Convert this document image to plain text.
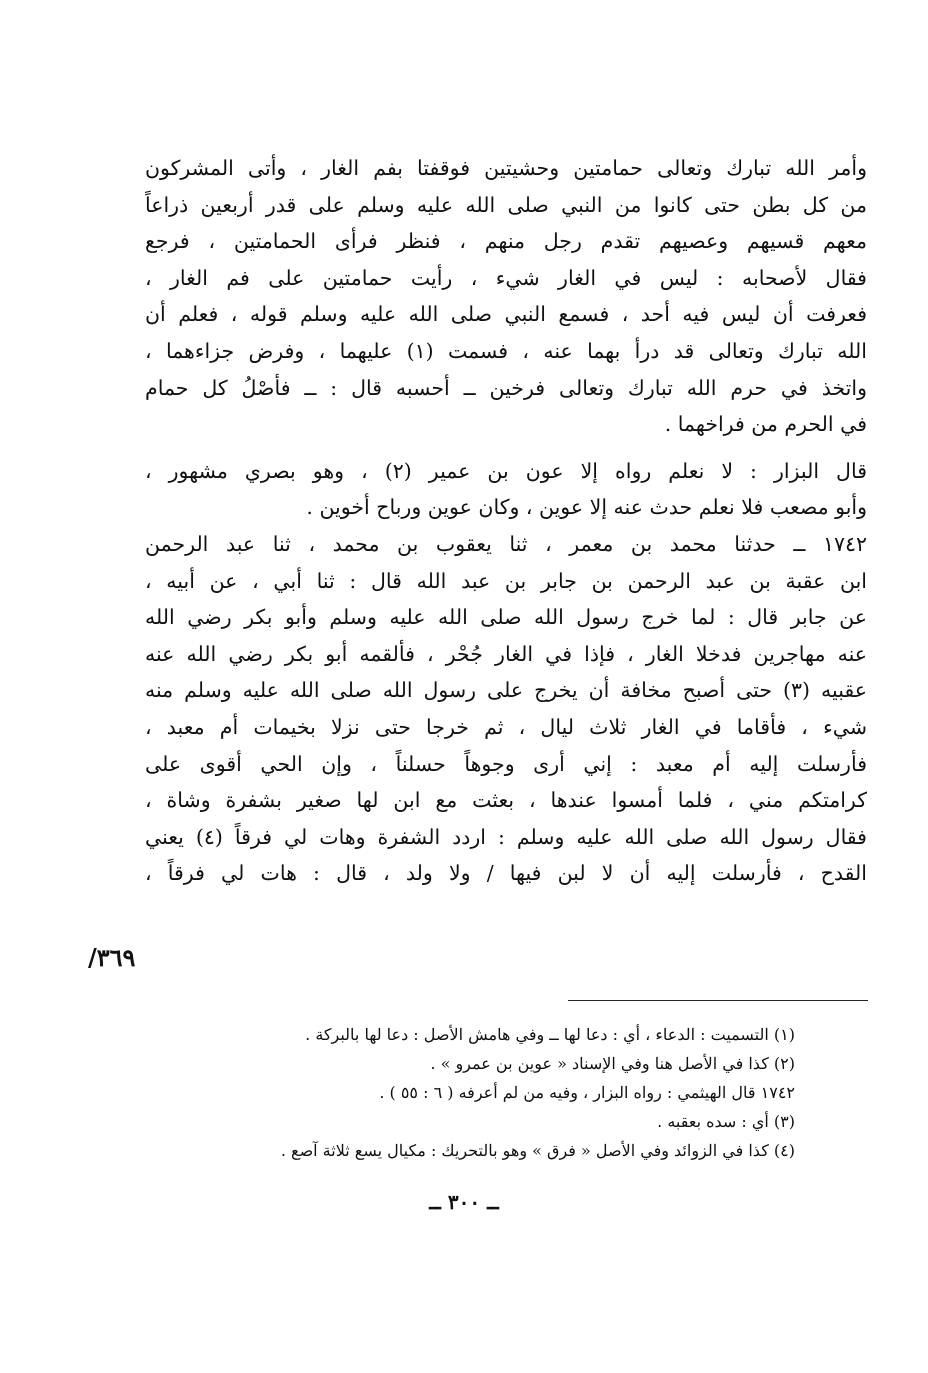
وأمر الله تبارك وتعالى حمامتين وحشيتين فوقفتا بفم الغار ، وأتى المشركون
من كل بطن حتى كانوا من النبي صلى الله عليه وسلم على قدر أربعين ذراعاً
معهم قسيهم وعصيهم تقدم رجل منهم ، فنظر فرأى الحمامتين ، فرجع
فقال لأصحابه : ليس في الغار شيء ، رأيت حمامتين على فم الغار ،
فعرفت أن ليس فيه أحد ، فسمع النبي صلى الله عليه وسلم قوله ، فعلم أن
الله تبارك وتعالى قد درأ بهما عنه ، فسمت (١) عليهما ، وفرض جزاءهما ،
واتخذ في حرم الله تبارك وتعالى فرخين ــ أحسبه قال : ــ فأصْلُ كل حمام
في الحرم من فراخهما .
قال البزار : لا نعلم رواه إلا عون بن عمير (٢) ، وهو بصري مشهور ،
وأبو مصعب فلا نعلم حدث عنه إلا عوين ، وكان عوين ورباح أخوين .
١٧٤٢ ــ حدثنا محمد بن معمر ، ثنا يعقوب بن محمد ، ثنا عبد الرحمن
ابن عقبة بن عبد الرحمن بن جابر بن عبد الله قال : ثنا أبي ، عن أبيه ،
عن جابر قال : لما خرج رسول الله صلى الله عليه وسلم وأبو بكر رضي الله
عنه مهاجرين فدخلا الغار ، فإذا في الغار جُحْر ، فألقمه أبو بكر رضي الله عنه
عقبيه (٣) حتى أصبح مخافة أن يخرج على رسول الله صلى الله عليه وسلم منه
شيء ، فأقاما في الغار ثلاث ليال ، ثم خرجا حتى نزلا بخيمات أم معبد ،
فأرسلت إليه أم معبد : إني أرى وجوهاً حسلناً ، وإن الحي أقوى على
كرامتكم مني ، فلما أمسوا عندها ، بعثت مع ابن لها صغير بشفرة وشاة ،
فقال رسول الله صلى الله عليه وسلم : اردد الشفرة وهات لي فرقاً (٤) يعني
القدح ، فأرسلت إليه أن لا لبن فيها / ولا ولد ، قال : هات لي فرقاً ،
٣٦٩/
(١) التسميت : الدعاء ، أي : دعا لها ــ وفي هامش الأصل : دعا لها بالبركة .
(٢) كذا في الأصل هنا وفي الإسناد « عوين بن عمرو » .
١٧٤٢ قال الهيثمي : رواه البزار ، وفيه من لم أعرفه ( ٦ : ٥٥ ) .
(٣) أي : سده بعقبه .
(٤) كذا في الزوائد وفي الأصل « فرق » وهو بالتحريك : مكيال يسع ثلاثة آصع .
ــ ٣٠٠ ــ
